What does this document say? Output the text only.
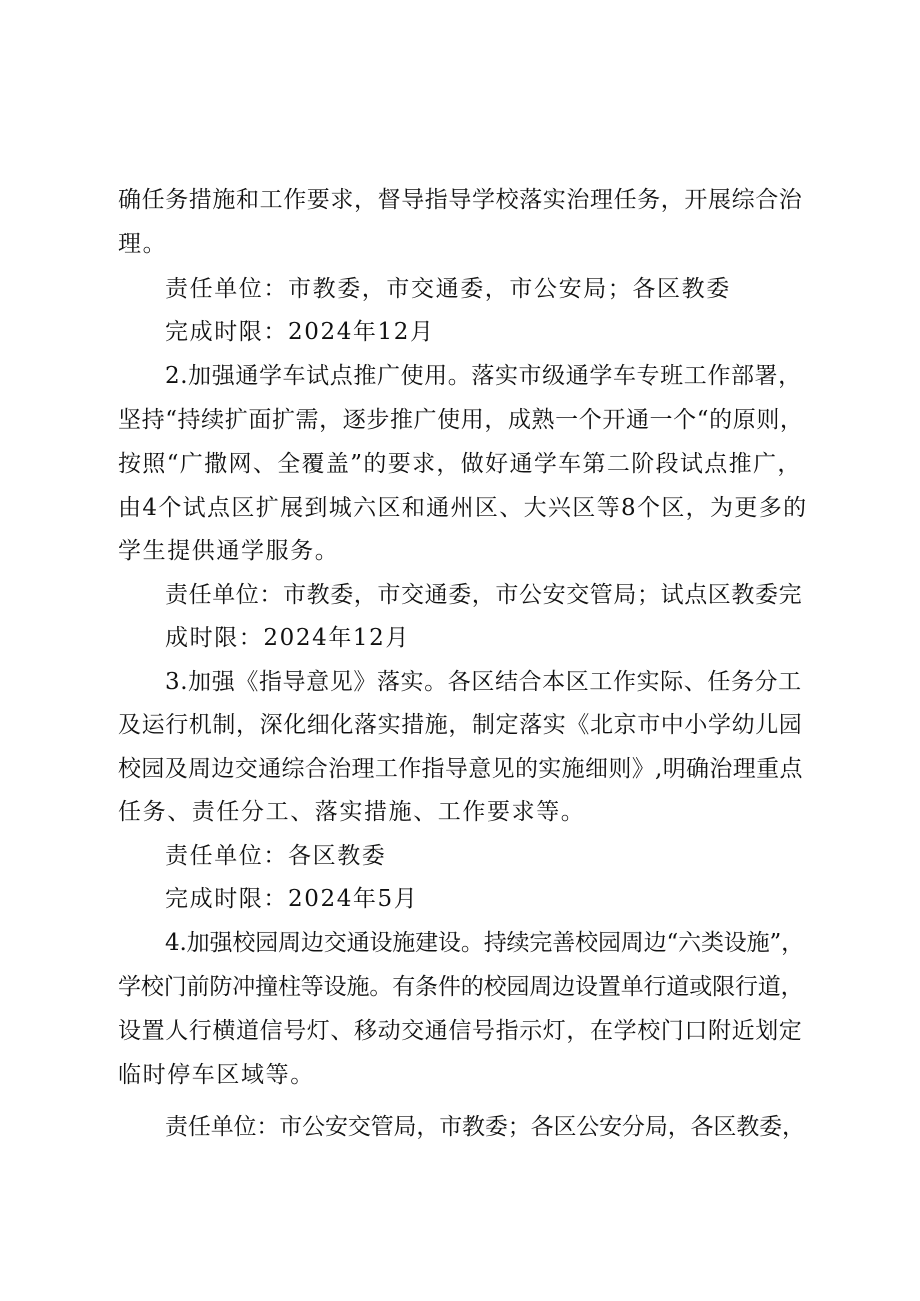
确任务措施和工作要求，督导指导学校落实治理任务，开展综合治
理。
责任单位：市教委，市交通委，市公安局；各区教委
完成时限：2024年12月
2.加强通学车试点推广使用。落实市级通学车专班工作部署，
坚持“持续扩面扩需，逐步推广使用，成熟一个开通一个“的原则，
按照“广撒网、全覆盖”的要求，做好通学车第二阶段试点推广，
由4个试点区扩展到城六区和通州区、大兴区等8个区，为更多的
学生提供通学服务。
责任单位：市教委，市交通委，市公安交管局；试点区教委完
成时限：2024年12月
3.加强《指导意见》落实。各区结合本区工作实际、任务分工
及运行机制，深化细化落实措施，制定落实《北京市中小学幼儿园
校园及周边交通综合治理工作指导意见的实施细则》,明确治理重点
任务、责任分工、落实措施、工作要求等。
责任单位：各区教委
完成时限：2024年5月
4.加强校园周边交通设施建设。持续完善校园周边“六类设施”，
学校门前防冲撞柱等设施。有条件的校园周边设置单行道或限行道，
设置人行横道信号灯、移动交通信号指示灯，在学校门口附近划定
临时停车区域等。
责任单位：市公安交管局，市教委；各区公安分局，各区教委，
